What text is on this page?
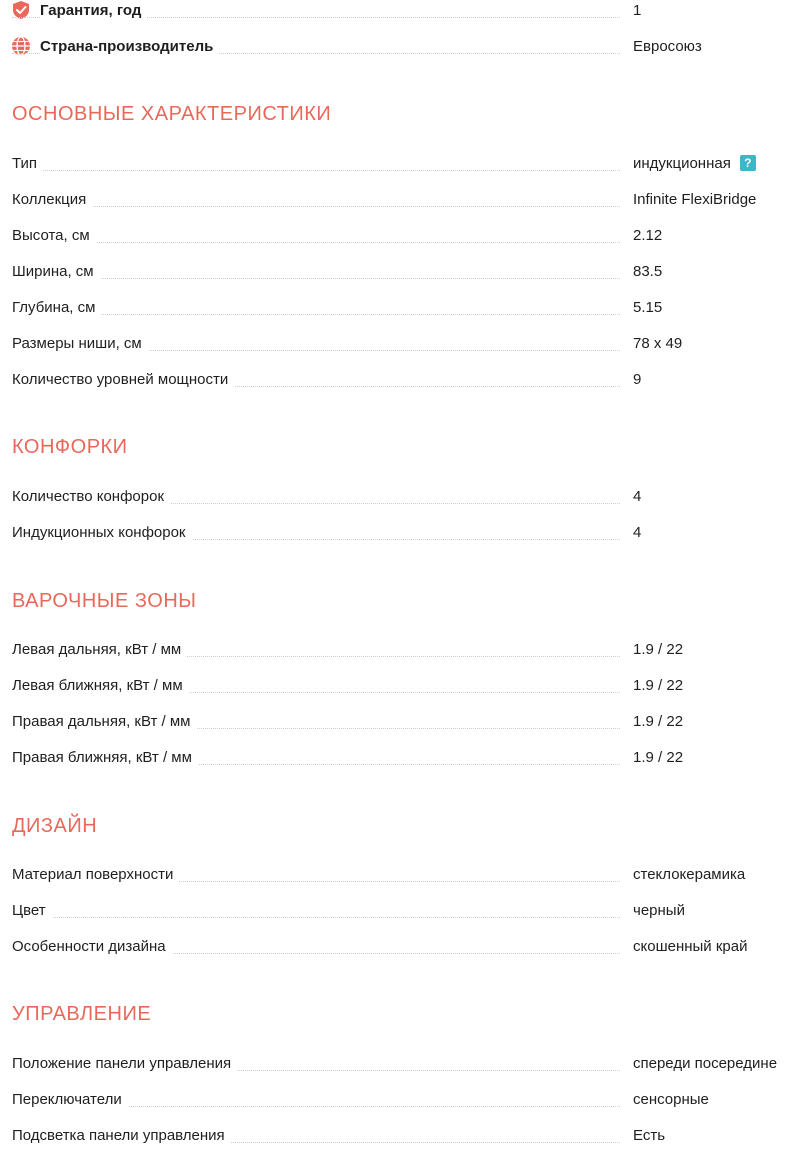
Гарантия, год	1
Страна-производитель	Евросоюз
ОСНОВНЫЕ ХАРАКТЕРИСТИКИ
Тип	индукционная ?
Коллекция	Infinite FlexiBridge
Высота, см	2.12
Ширина, см	83.5
Глубина, см	5.15
Размеры ниши, см	78 x 49
Количество уровней мощности	9
КОНФОРКИ
Количество конфорок	4
Индукционных конфорок	4
ВАРОЧНЫЕ ЗОНЫ
Левая дальняя, кВт / мм	1.9 / 22
Левая ближняя, кВт / мм	1.9 / 22
Правая дальняя, кВт / мм	1.9 / 22
Правая ближняя, кВт / мм	1.9 / 22
ДИЗАЙН
Материал поверхности	стеклокерамика
Цвет	черный
Особенности дизайна	скошенный край
УПРАВЛЕНИЕ
Положение панели управления	спереди посередине
Переключатели	сенсорные
Подсветка панели управления	Есть
